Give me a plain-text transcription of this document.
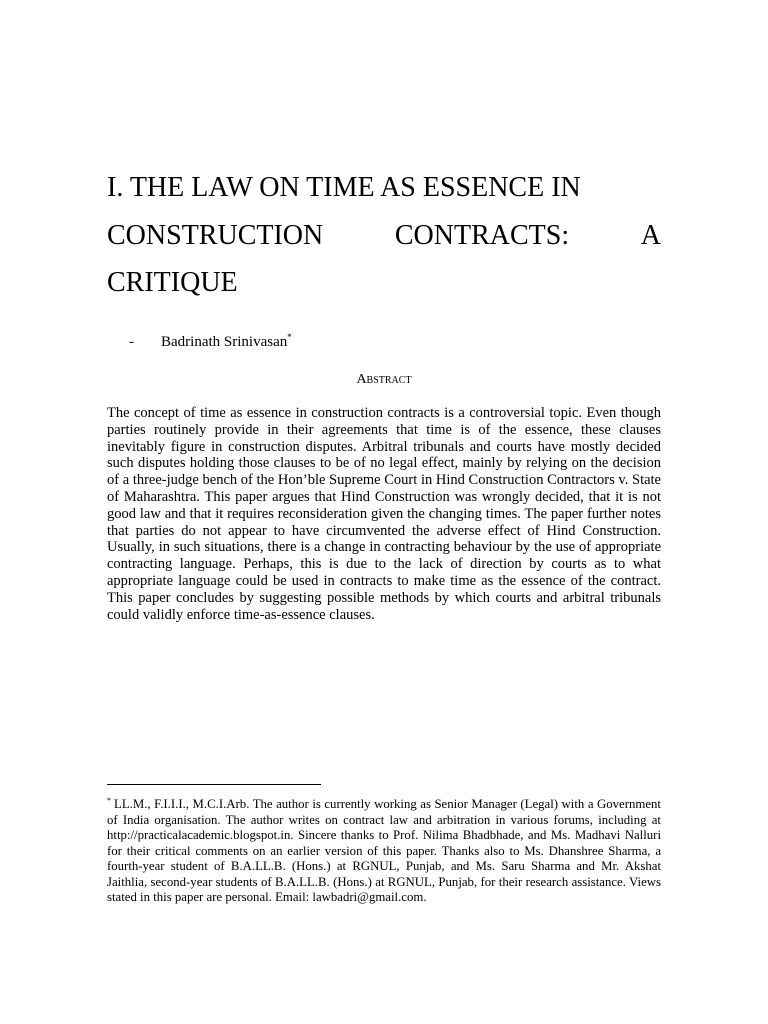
I. THE LAW ON TIME AS ESSENCE IN
CONSTRUCTION	CONTRACTS:	A
CRITIQUE
- Badrinath Srinivasan*
Abstract

The concept of time as essence in construction contracts is a controversial topic. Even though parties routinely provide in their agreements that time is of the essence, these clauses inevitably figure in construction disputes. Arbitral tribunals and courts have mostly decided such disputes holding those clauses to be of no legal effect, mainly by relying on the decision of a three-judge bench of the Hon’ble Supreme Court in Hind Construction Contractors v. State of Maharashtra. This paper argues that Hind Construction was wrongly decided, that it is not good law and that it requires reconsideration given the changing times. The paper further notes that parties do not appear to have circumvented the adverse effect of Hind Construction. Usually, in such situations, there is a change in contracting behaviour by the use of appropriate contracting language. Perhaps, this is due to the lack of direction by courts as to what appropriate language could be used in contracts to make time as the essence of the contract. This paper concludes by suggesting possible methods by which courts and arbitral tribunals could validly enforce time-as-essence clauses.

* LL.M., F.I.I.I., M.C.I.Arb. The author is currently working as Senior Manager (Legal) with a Government of India organisation. The author writes on contract law and arbitration in various forums, including at http://practicalacademic.blogspot.in. Sincere thanks to Prof. Nilima Bhadbhade, and Ms. Madhavi Nalluri for their critical comments on an earlier version of this paper. Thanks also to Ms. Dhanshree Sharma, a fourth-year student of B.A.LL.B. (Hons.) at RGNUL, Punjab, and Ms. Saru Sharma and Mr. Akshat Jaithlia, second-year students of B.A.LL.B. (Hons.) at RGNUL, Punjab, for their research assistance. Views stated in this paper are personal. Email: lawbadri@gmail.com.
